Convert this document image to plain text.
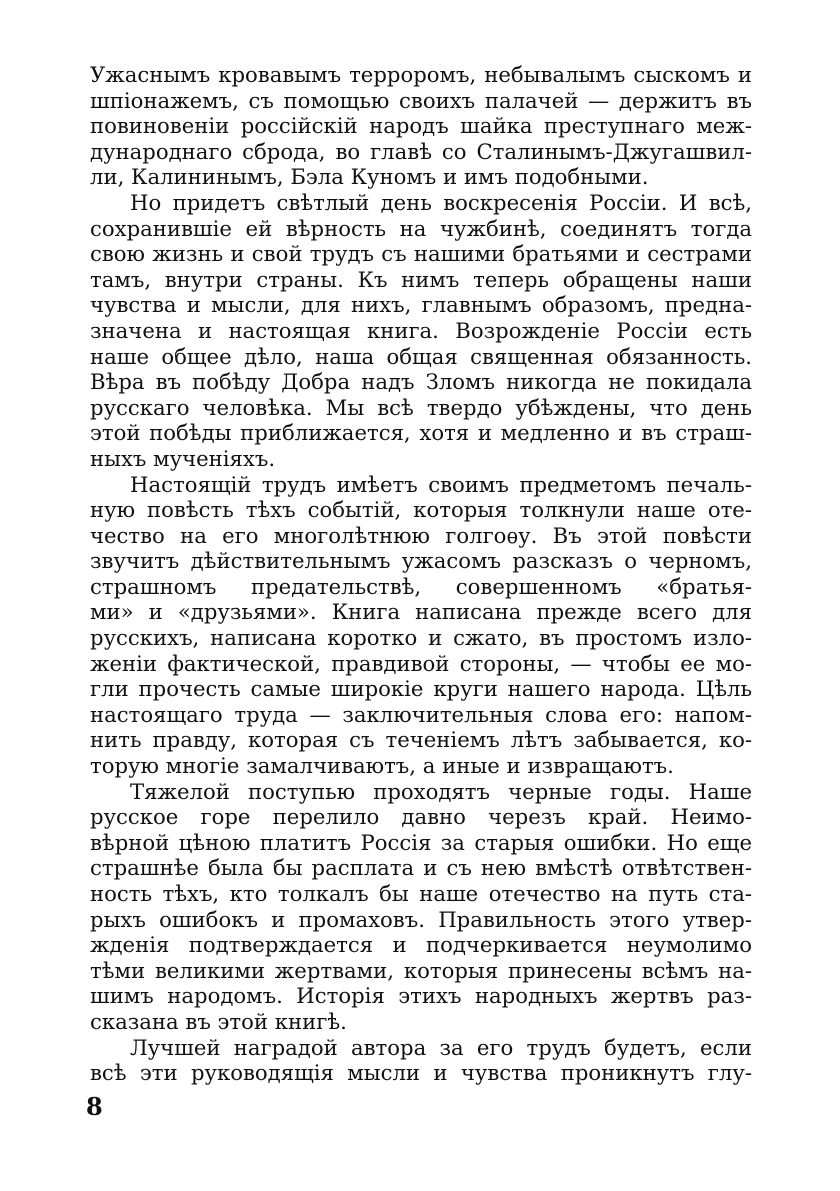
Ужаснымъ кровавымъ терроромъ, небывалымъ сыскомъ и
шпіонажемъ, съ помощью своихъ палачей — держитъ въ
повиновеніи россійскій народъ шайка преступнаго меж-
дународнаго сброда, во главѣ со Сталинымъ-Джугашвил-
ли, Калининымъ, Бэла Куномъ и имъ подобными.
Но придетъ свѣтлый день воскресенія Россіи. И всѣ,
сохранившіе ей вѣрность на чужбинѣ, соединятъ тогда
свою жизнь и свой трудъ съ нашими братьями и сестрами
тамъ, внутри страны. Къ нимъ теперь обращены наши
чувства и мысли, для нихъ, главнымъ образомъ, предна-
значена и настоящая книга. Возрожденіе Россіи есть
наше общее дѣло, наша общая священная обязанность.
Вѣра въ побѣду Добра надъ Зломъ никогда не покидала
русскаго человѣка. Мы всѣ твердо убѣждены, что день
этой побѣды приближается, хотя и медленно и въ страш-
ныхъ мученіяхъ.
Настоящій трудъ имѣетъ своимъ предметомъ печаль-
ную повѣсть тѣхъ событій, которыя толкнули наше оте-
чество на его многолѣтнюю голгоѳу. Въ этой повѣсти
звучитъ дѣйствительнымъ ужасомъ разсказъ о черномъ,
страшномъ предательствѣ, совершенномъ «братья-
ми» и «друзьями». Книга написана прежде всего для
русскихъ, написана коротко и сжато, въ простомъ изло-
женіи фактической, правдивой стороны, — чтобы ее мо-
гли прочесть самые широкіе круги нашего народа. Цѣль
настоящаго труда — заключительныя слова его: напом-
нить правду, которая съ теченіемъ лѣтъ забывается, ко-
торую многіе замалчиваютъ, а иные и извращаютъ.
Тяжелой поступью проходятъ черные годы. Наше
русское горе перелило давно черезъ край. Неимо-
вѣрной цѣною платитъ Россія за старыя ошибки. Но еще
страшнѣе была бы расплата и съ нею вмѣстѣ отвѣтствен-
ность тѣхъ, кто толкалъ бы наше отечество на путь ста-
рыхъ ошибокъ и промаховъ. Правильность этого утвер-
жденія подтверждается и подчеркивается неумолимо
тѣми великими жертвами, которыя принесены всѣмъ на-
шимъ народомъ. Исторія этихъ народныхъ жертвъ раз-
сказана въ этой книгѣ.
Лучшей наградой автора за его трудъ будетъ, если
всѣ эти руководящія мысли и чувства проникнутъ глу-
8
